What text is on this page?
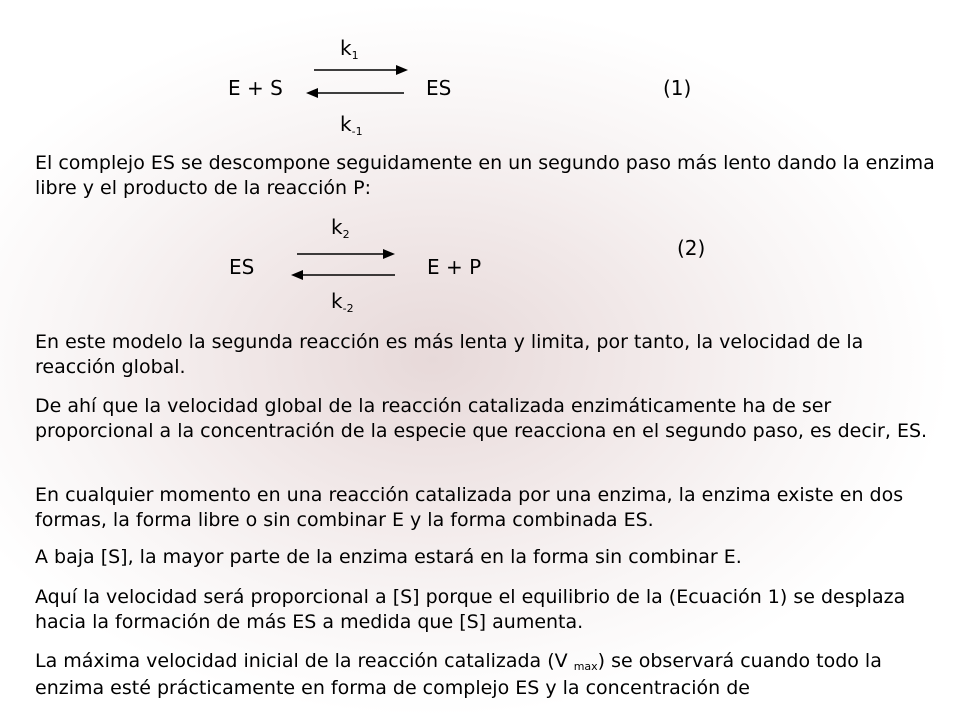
$k_1$
E + S	ES	(1)
$k_{-1}$

El complejo ES se descompone seguidamente en un segundo paso más lento dando la enzima libre y el producto de la reacción P:

$k_2$
(2)
ES	E + P
$k_{-2}$

En este modelo la segunda reacción es más lenta y limita, por tanto, la velocidad de la reacción global.

De ahí que la velocidad global de la reacción catalizada enzimáticamente ha de ser proporcional a la concentración de la especie que reacciona en el segundo paso, es decir, ES.

En cualquier momento en una reacción catalizada por una enzima, la enzima existe en dos formas, la forma libre o sin combinar E y la forma combinada ES.

A baja [S], la mayor parte de la enzima estará en la forma sin combinar E.

Aquí la velocidad será proporcional a [S] porque el equilibrio de la (Ecuación 1) se desplaza hacia la formación de más ES a medida que [S] aumenta.

La máxima velocidad inicial de la reacción catalizada (V $_{max}$) se observará cuando todo la enzima esté prácticamente en forma de complejo ES y la concentración de
